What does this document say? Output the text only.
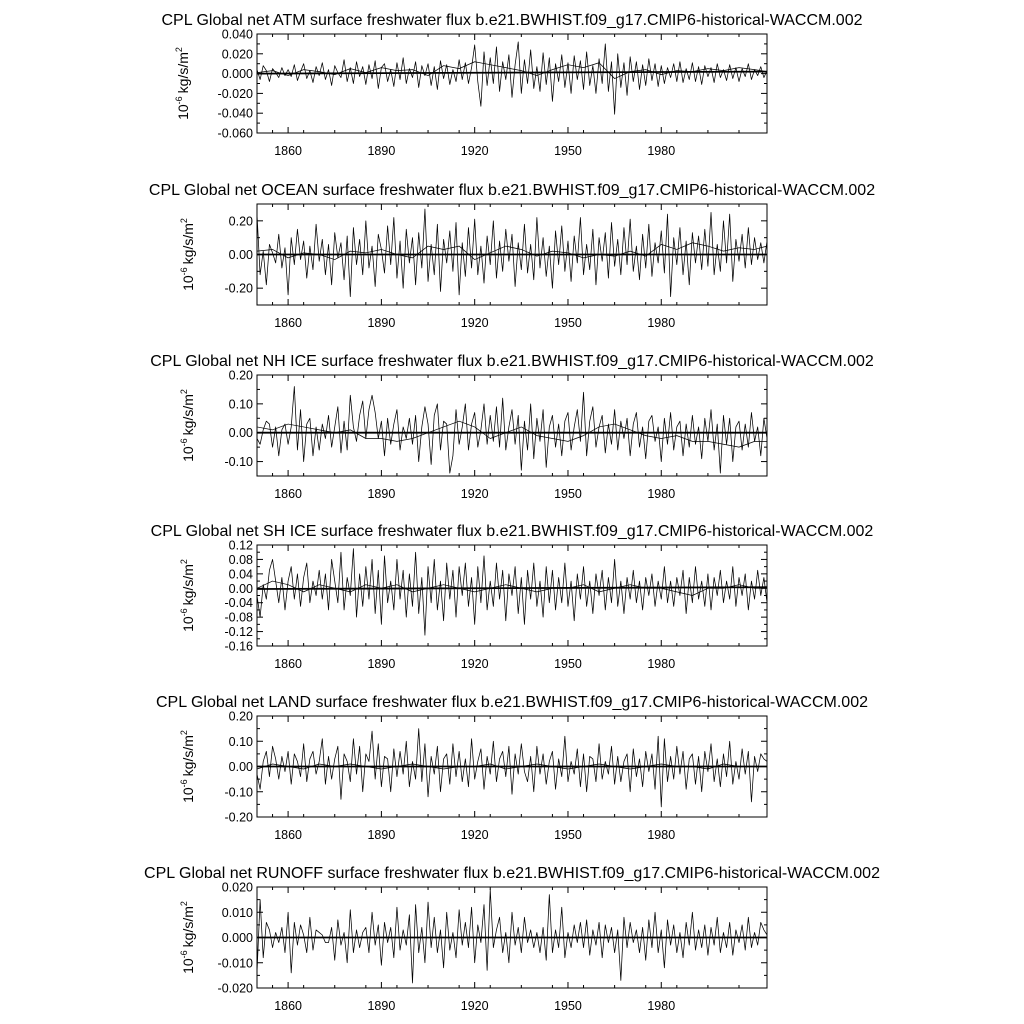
CPL Global net ATM surface freshwater flux b.e21.BWHIST.f09_g17.CMIP6-historical-WACCM.002
0.040
0.020
0.000
-0.020
-0.040
-0.060
1860	1890	1920	1950	1980
$10^{-6}kg/s/m^2$
CPL Global net OCEAN surface freshwater flux b.e21.BWHIST.f09_g17.CMIP6-historical-WACCM.002
0.20
0.00
-0.20
1860	1890	1920	1950	1980
$10^{-6}kg/s/m^2$
CPL Global net NH ICE surface freshwater flux b.e21.BWHIST.f09_g17.CMIP6-historical-WACCM.002
0.20
0.10
0.00
-0.10
1860	1890	1920	1950	1980
$10^{-6}kg/s/m^2$
CPL Global net SH ICE surface freshwater flux b.e21.BWHIST.f09_g17.CMIP6-historical-WACCM.002
0.12
0.08
0.04
0.00
-0.04
-0.08
-0.12
-0.16
1860	1890	1920	1950	1980
$10^{-6}kg/s/m^2$
CPL Global net LAND surface freshwater flux b.e21.BWHIST.f09_g17.CMIP6-historical-WACCM.002
0.20
0.10
0.00
-0.10
-0.20
1860	1890	1920	1950	1980
$10^{-6}kg/s/m^2$
CPL Global net RUNOFF surface freshwater flux b.e21.BWHIST.f09_g17.CMIP6-historical-WACCM.002
0.020
0.010
0.000
-0.010
-0.020
1860	1890	1920	1950	1980
$10^{-6}kg/s/m^2$
